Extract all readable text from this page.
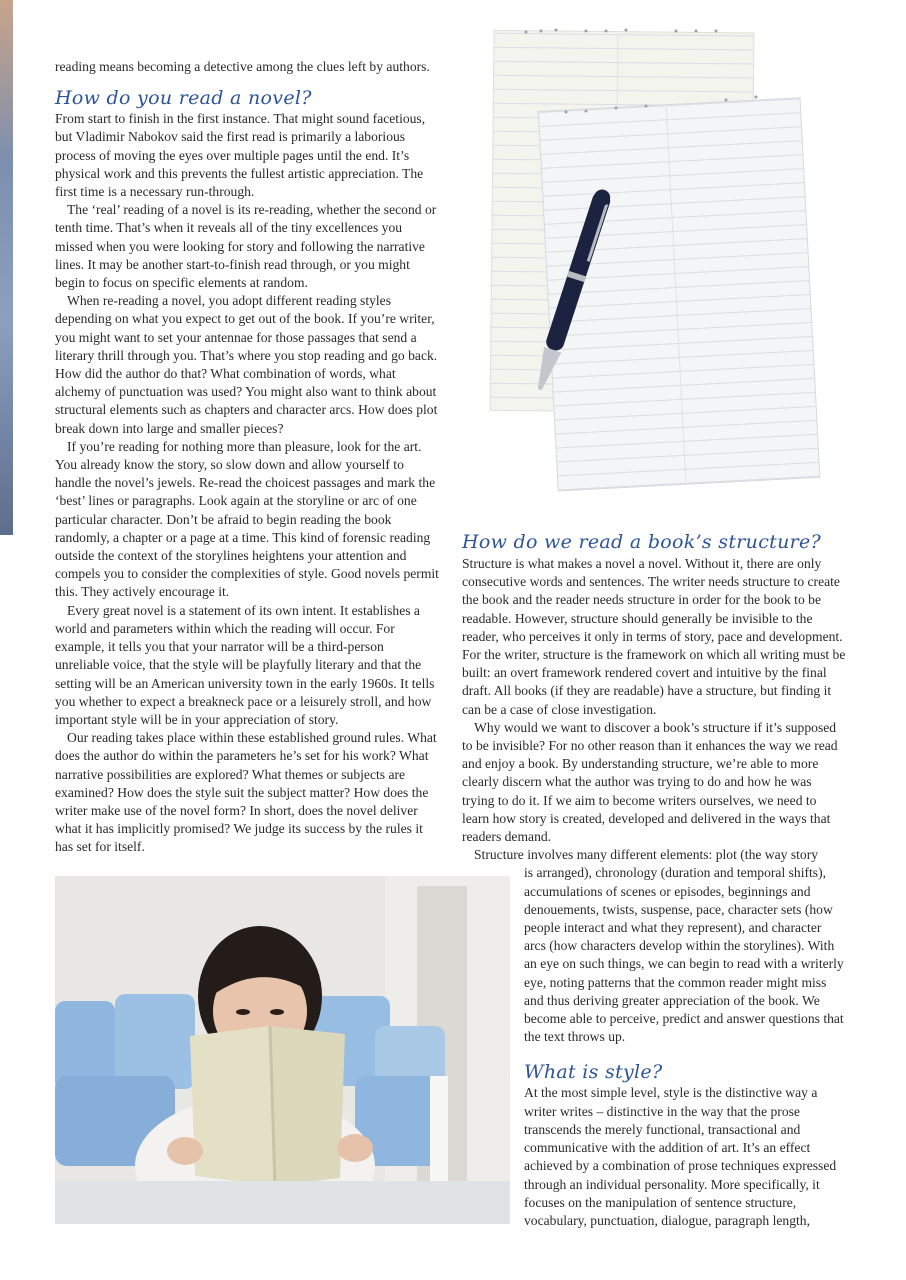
reading means becoming a detective among the clues left by authors.

How do you read a novel?

From start to finish in the first instance. That might sound facetious, but Vladimir Nabokov said the first read is primarily a laborious process of moving the eyes over multiple pages until the end. It’s physical work and this prevents the fullest artistic appreciation. The first time is a necessary run-through.

The ‘real’ reading of a novel is its re-reading, whether the second or tenth time. That’s when it reveals all of the tiny excellences you missed when you were looking for story and following the narrative lines. It may be another start-to-finish read through, or you might begin to focus on specific elements at random.

When re-reading a novel, you adopt different reading styles depending on what you expect to get out of the book. If you’re writer, you might want to set your antennae for those passages that send a literary thrill through you. That’s where you stop reading and go back. How did the author do that? What combination of words, what alchemy of punctuation was used? You might also want to think about structural elements such as chapters and character arcs. How does plot break down into large and smaller pieces?

If you’re reading for nothing more than pleasure, look for the art. You already know the story, so slow down and allow yourself to handle the novel’s jewels. Re-read the choicest passages and mark the ‘best’ lines or paragraphs. Look again at the storyline or arc of one particular character. Don’t be afraid to begin reading the book randomly, a chapter or a page at a time. This kind of forensic reading outside the context of the storylines heightens your attention and compels you to consider the complexities of style. Good novels permit this. They actively encourage it.

Every great novel is a statement of its own intent. It establishes a world and parameters within which the reading will occur. For example, it tells you that your narrator will be a third-person unreliable voice, that the style will be playfully literary and that the setting will be an American university town in the early 1960s. It tells you whether to expect a breakneck pace or a leisurely stroll, and how important style will be in your appreciation of story.

Our reading takes place within these established ground rules. What does the author do within the parameters he’s set for his work? What narrative possibilities are explored? What themes or subjects are examined? How does the style suit the subject matter? How does the writer make use of the novel form? In short, does the novel deliver what it has implicitly promised? We judge its success by the rules it has set for itself.

How do we read a book’s structure?

Structure is what makes a novel a novel. Without it, there are only consecutive words and sentences. The writer needs structure to create the book and the reader needs structure in order for the book to be readable. However, structure should generally be invisible to the reader, who perceives it only in terms of story, pace and development. For the writer, structure is the framework on which all writing must be built: an overt framework rendered covert and intuitive by the final draft. All books (if they are readable) have a structure, but finding it can be a case of close investigation.

Why would we want to discover a book’s structure if it’s supposed to be invisible? For no other reason than it enhances the way we read and enjoy a book. By understanding structure, we’re able to more clearly discern what the author was trying to do and how he was trying to do it. If we aim to become writers ourselves, we need to learn how story is created, developed and delivered in the ways that readers demand.

Structure involves many different elements: plot (the way story

is arranged), chronology (duration and temporal shifts), accumulations of scenes or episodes, beginnings and denouements, twists, suspense, pace, character sets (how people interact and what they represent), and character arcs (how characters develop within the storylines). With an eye on such things, we can begin to read with a writerly eye, noting patterns that the common reader might miss and thus deriving greater appreciation of the book. We become able to perceive, predict and answer questions that the text throws up.

What is style?

At the most simple level, style is the distinctive way a writer writes – distinctive in the way that the prose transcends the merely functional, transactional and communicative with the addition of art. It’s an effect achieved by a combination of prose techniques expressed through an individual personality. More specifically, it focuses on the manipulation of sentence structure, vocabulary, punctuation, dialogue, paragraph length,
